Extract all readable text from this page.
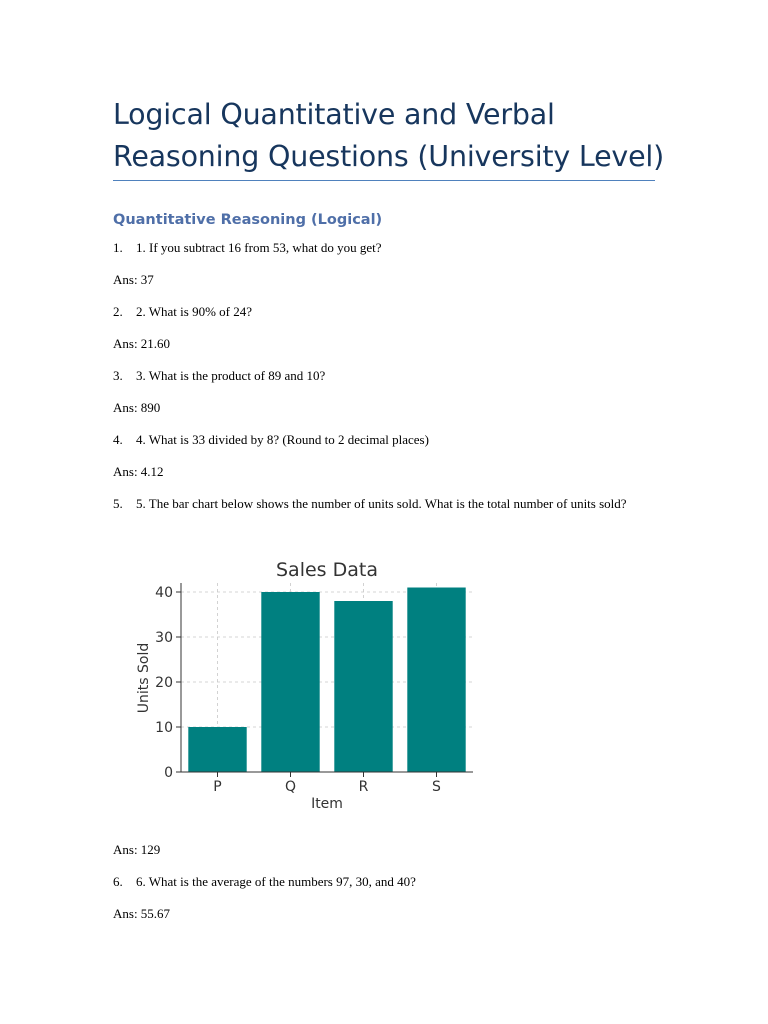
Logical Quantitative and Verbal Reasoning Questions (University Level)
Quantitative Reasoning (Logical)
1. 1. If you subtract 16 from 53, what do you get?
Ans: 37
2. 2. What is 90% of 24?
Ans: 21.60
3. 3. What is the product of 89 and 10?
Ans: 890
4. 4. What is 33 divided by 8? (Round to 2 decimal places)
Ans: 4.12
5. 5. The bar chart below shows the number of units sold. What is the total number of units sold?
Ans: 129
6. 6. What is the average of the numbers 97, 30, and 40?
Ans: 55.67
Sales Data
0
10
20
30
40
P	Q	R	S
Item
Units Sold
